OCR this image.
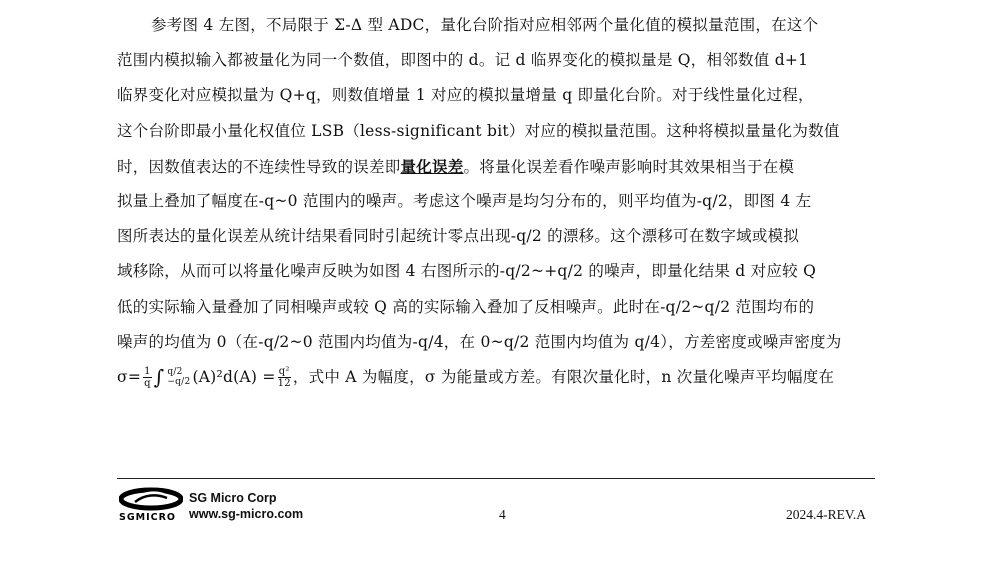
参考图 4 左图，不局限于 Σ-Δ 型 ADC，量化台阶指对应相邻两个量化值的模拟量范围，在这个
范围内模拟输入都被量化为同一个数值，即图中的 d。记 d 临界变化的模拟量是 Q，相邻数值 d+1
临界变化对应模拟量为 Q+q，则数值增量 1 对应的模拟量增量 q 即量化台阶。对于线性量化过程，
这个台阶即最小量化权值位 LSB（less-significant bit）对应的模拟量范围。这种将模拟量量化为数值
时，因数值表达的不连续性导致的误差即量化误差。将量化误差看作噪声影响时其效果相当于在模
拟量上叠加了幅度在-q~0 范围内的噪声。考虑这个噪声是均匀分布的，则平均值为-q/2，即图 4 左
图所表达的量化误差从统计结果看同时引起统计零点出现-q/2 的漂移。这个漂移可在数字域或模拟
域移除，从而可以将量化噪声反映为如图 4 右图所示的-q/2~+q/2 的噪声，即量化结果 d 对应较 Q
低的实际输入量叠加了同相噪声或较 Q 高的实际输入叠加了反相噪声。此时在-q/2~q/2 范围均布的
噪声的均值为 0（在-q/2~0 范围内均值为-q/4，在 0~q/2 范围内均值为 q/4），方差密度或噪声密度为
$\sigma= \frac{1}{q}$ ∫ q/2
−q/2 $(A)^2d(A) = \frac{\text{q²}}{12}$ ，式中 A 为幅度，σ 为能量或方差。有限次量化时，n 次量化噪声平均幅度在
SGMICRO
SG Micro Corp
www.sg-micro.com	4	2024.4-REV.A
